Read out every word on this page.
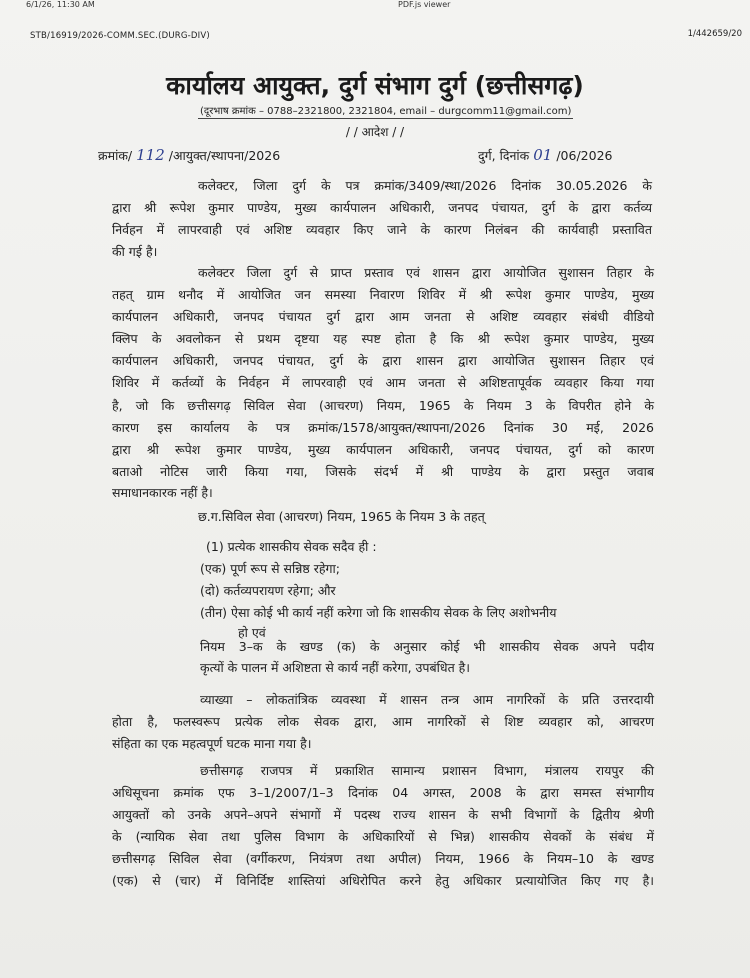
6/1/26, 11:30 AM	PDF.js viewer
STB/16919/2026-COMM.SEC.(DURG-DIV)	1/442659/20
कार्यालय आयुक्त, दुर्ग संभाग दुर्ग (छत्तीसगढ़)
(दूरभाष क्रमांक – 0788–2321800, 2321804, email – durgcomm11@gmail.com)
/ / आदेश / /
क्रमांक/ 112 /आयुक्त/स्थापना/2026	दुर्ग, दिनांक 01 /06/2026
कलेक्टर, जिला दुर्ग के पत्र क्रमांक/3409/स्था/2026 दिनांक 30.05.2026 के
द्वारा श्री रूपेश कुमार पाण्डेय, मुख्य कार्यपालन अधिकारी, जनपद पंचायत, दुर्ग के द्वारा कर्तव्य
निर्वहन में लापरवाही एवं अशिष्ट व्यवहार किए जाने के कारण निलंबन की कार्यवाही प्रस्तावित
की गई है।
कलेक्टर जिला दुर्ग से प्राप्त प्रस्ताव एवं शासन द्वारा आयोजित सुशासन तिहार के
तहत् ग्राम थनौद में आयोजित जन समस्या निवारण शिविर में श्री रूपेश कुमार पाण्डेय, मुख्य
कार्यपालन अधिकारी, जनपद पंचायत दुर्ग द्वारा आम जनता से अशिष्ट व्यवहार संबंधी वीडियो
क्लिप के अवलोकन से प्रथम दृष्टया यह स्पष्ट होता है कि श्री रूपेश कुमार पाण्डेय, मुख्य
कार्यपालन अधिकारी, जनपद पंचायत, दुर्ग के द्वारा शासन द्वारा आयोजित सुशासन तिहार एवं
शिविर में कर्तव्यों के निर्वहन में लापरवाही एवं आम जनता से अशिष्टतापूर्वक व्यवहार किया गया
है, जो कि छत्तीसगढ़ सिविल सेवा (आचरण) नियम, 1965 के नियम 3 के विपरीत होने के
कारण इस कार्यालय के पत्र क्रमांक/1578/आयुक्त/स्थापना/2026 दिनांक 30 मई, 2026
द्वारा श्री रूपेश कुमार पाण्डेय, मुख्य कार्यपालन अधिकारी, जनपद पंचायत, दुर्ग को कारण
बताओ नोटिस जारी किया गया, जिसके संदर्भ में श्री पाण्डेय के द्वारा प्रस्तुत जवाब
समाधानकारक नहीं है।
छ.ग.सिविल सेवा (आचरण) नियम, 1965 के नियम 3 के तहत्
(1) प्रत्येक शासकीय सेवक सदैव ही :
(एक) पूर्ण रूप से सन्निष्ठ रहेगा;
(दो) कर्तव्यपरायण रहेगा; और
(तीन) ऐसा कोई भी कार्य नहीं करेगा जो कि शासकीय सेवक के लिए अशोभनीय
हो एवं
नियम 3–क के खण्ड (क) के अनुसार कोई भी शासकीय सेवक अपने पदीय
कृत्यों के पालन में अशिष्टता से कार्य नहीं करेगा, उपबंधित है।
व्याख्या – लोकतांत्रिक व्यवस्था में शासन तन्त्र आम नागरिकों के प्रति उत्तरदायी
होता है, फलस्वरूप प्रत्येक लोक सेवक द्वारा, आम नागरिकों से शिष्ट व्यवहार को, आचरण
संहिता का एक महत्वपूर्ण घटक माना गया है।
छत्तीसगढ़ राजपत्र में प्रकाशित सामान्य प्रशासन विभाग, मंत्रालय रायपुर की
अधिसूचना क्रमांक एफ 3–1/2007/1–3 दिनांक 04 अगस्त, 2008 के द्वारा समस्त संभागीय
आयुक्तों को उनके अपने–अपने संभागों में पदस्थ राज्य शासन के सभी विभागों के द्वितीय श्रेणी
के (न्यायिक सेवा तथा पुलिस विभाग के अधिकारियों से भिन्न) शासकीय सेवकों के संबंध में
छत्तीसगढ़ सिविल सेवा (वर्गीकरण, नियंत्रण तथा अपील) नियम, 1966 के नियम–10 के खण्ड
(एक) से (चार) में विनिर्दिष्ट शास्तियां अधिरोपित करने हेतु अधिकार प्रत्यायोजित किए गए है।
